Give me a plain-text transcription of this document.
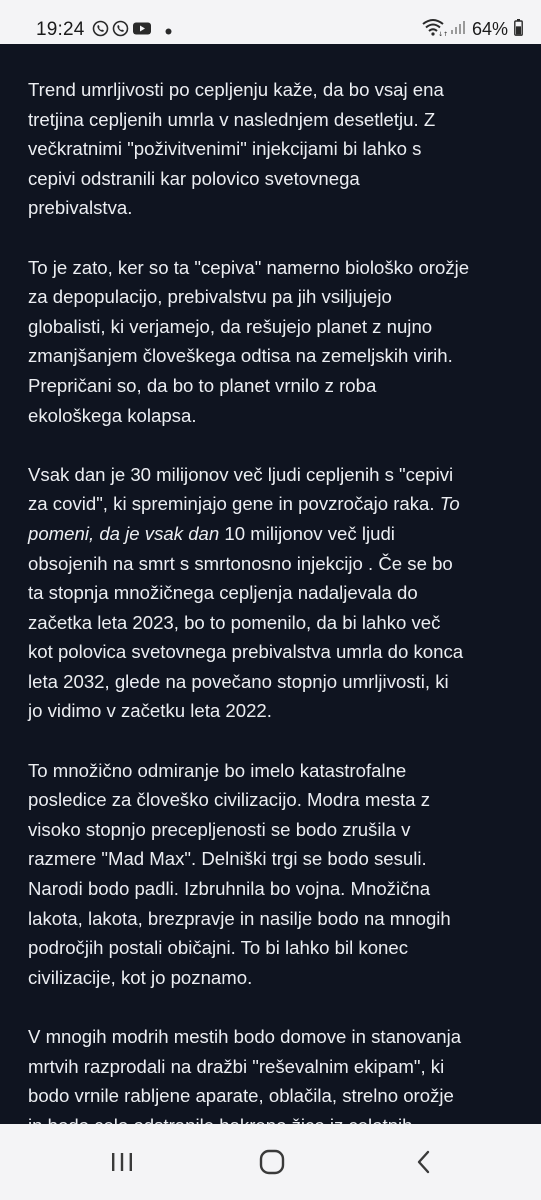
19:24	↓↑ 64%

Trend umrljivosti po cepljenju kaže, da bo vsaj ena
tretjina cepljenih umrla v naslednjem desetletju. Z
večkratnimi "poživitvenimi" injekcijami bi lahko s
cepivi odstranili kar polovico svetovnega
prebivalstva.

To je zato, ker so ta "cepiva" namerno biološko orožje
za depopulacijo, prebivalstvu pa jih vsiljujejo
globalisti, ki verjamejo, da rešujejo planet z nujno
zmanjšanjem človeškega odtisa na zemeljskih virih.
Prepričani so, da bo to planet vrnilo z roba
ekološkega kolapsa.

Vsak dan je 30 milijonov več ljudi cepljenih s "cepivi
za covid", ki spreminjajo gene in povzročajo raka. To
pomeni, da je vsak dan 10 milijonov več ljudi
obsojenih na smrt s smrtonosno injekcijo . Če se bo
ta stopnja množičnega cepljenja nadaljevala do
začetka leta 2023, bo to pomenilo, da bi lahko več
kot polovica svetovnega prebivalstva umrla do konca
leta 2032, glede na povečano stopnjo umrljivosti, ki
jo vidimo v začetku leta 2022.

To množično odmiranje bo imelo katastrofalne
posledice za človeško civilizacijo. Modra mesta z
visoko stopnjo precepljenosti se bodo zrušila v
razmere "Mad Max". Delniški trgi se bodo sesuli.
Narodi bodo padli. Izbruhnila bo vojna. Množična
lakota, lakota, brezpravje in nasilje bodo na mnogih
področjih postali običajni. To bi lahko bil konec
civilizacije, kot jo poznamo.

V mnogih modrih mestih bodo domove in stanovanja
mrtvih razprodali na dražbi "reševalnim ekipam", ki
bodo vrnile rabljene aparate, oblačila, strelno orožje
